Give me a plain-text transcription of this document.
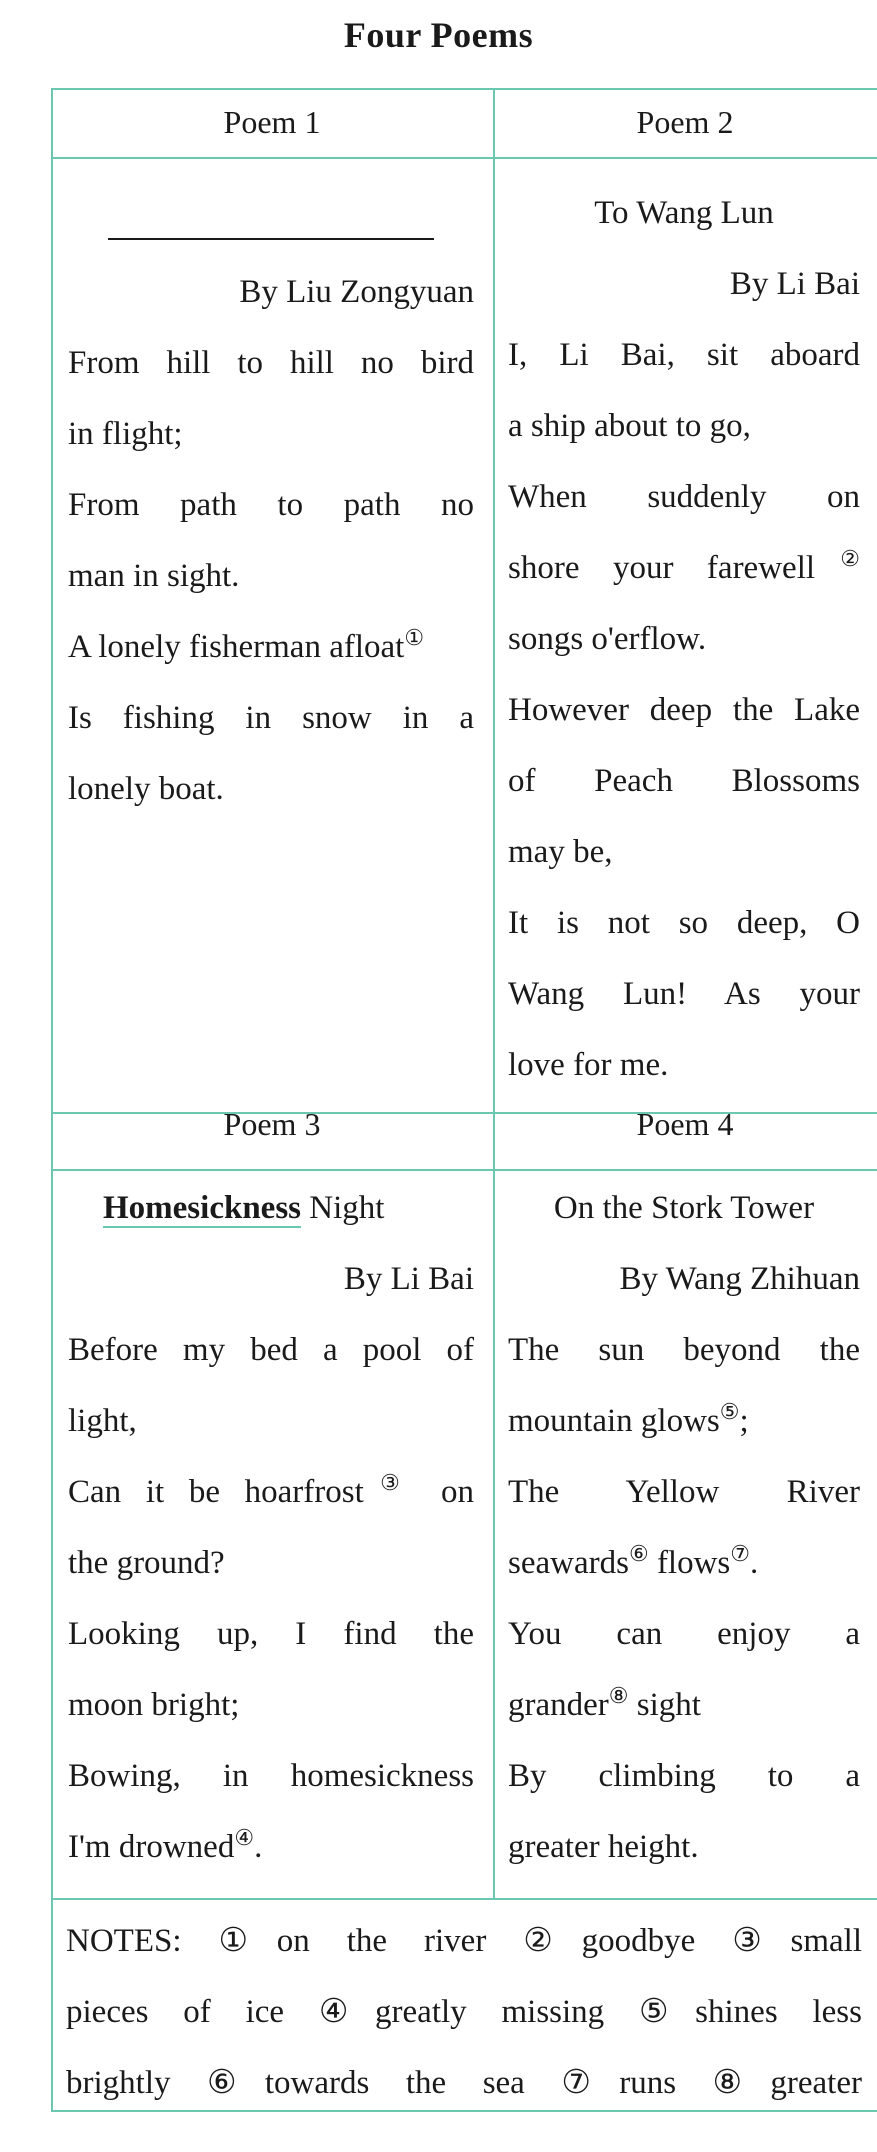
Four Poems
Poem 1	Poem 2
Poem 3	Poem 4
By Liu Zongyuan
From hill to hill no bird
in flight;
From path to path no
man in sight.
A lonely fisherman afloat①
Is fishing in snow in a
lonely boat.
To Wang Lun
By Li Bai
I, Li Bai, sit aboard
a ship about to go,
When suddenly on
shore your farewell②
songs o'erflow.
However deep the Lake
of Peach Blossoms
may be,
It is not so deep, O
Wang Lun! As your
love for me.
Homesickness Night
By Li Bai
Before my bed a pool of
light,
Can it be hoarfrost③ on
the ground?
Looking up, I find the
moon bright;
Bowing, in homesickness
I'm drowned④.
On the Stork Tower
By Wang Zhihuan
The sun beyond the
mountain glows⑤;
The Yellow River
seawards⑥ flows⑦.
You can enjoy a
grander⑧ sight
By climbing to a
greater height.
NOTES: ①on the river ②goodbye ③small
pieces of ice ④greatly missing ⑤shines less
brightly ⑥towards the sea ⑦runs ⑧greater
